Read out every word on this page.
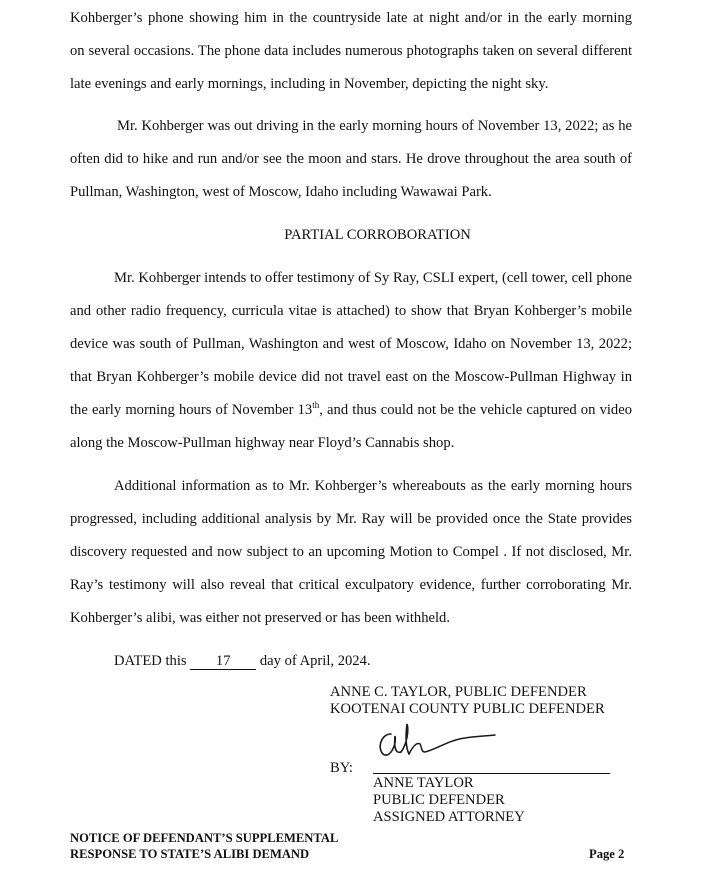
Kohberger’s phone showing him in the countryside late at night and/or in the early morning
on several occasions. The phone data includes numerous photographs taken on several different
late evenings and early mornings, including in November, depicting the night sky.
Mr. Kohberger was out driving in the early morning hours of November 13, 2022; as he
often did to hike and run and/or see the moon and stars. He drove throughout the area south of
Pullman, Washington, west of Moscow, Idaho including Wawawai Park.
PARTIAL CORROBORATION
Mr. Kohberger intends to offer testimony of Sy Ray, CSLI expert, (cell tower, cell phone
and other radio frequency, curricula vitae is attached) to show that Bryan Kohberger’s mobile
device was south of Pullman, Washington and west of Moscow, Idaho on November 13, 2022;
that Bryan Kohberger’s mobile device did not travel east on the Moscow-Pullman Highway in
the early morning hours of November 13th, and thus could not be the vehicle captured on video
along the Moscow-Pullman highway near Floyd’s Cannabis shop.
Additional information as to Mr. Kohberger’s whereabouts as the early morning hours
progressed, including additional analysis by Mr. Ray will be provided once the State provides
discovery requested and now subject to an upcoming Motion to Compel . If not disclosed, Mr.
Ray’s testimony will also reveal that critical exculpatory evidence, further corroborating Mr.
Kohberger’s alibi, was either not preserved or has been withheld.
DATED this 17 day of April, 2024.
ANNE C. TAYLOR, PUBLIC DEFENDER
KOOTENAI COUNTY PUBLIC DEFENDER
BY:
ANNE TAYLOR
PUBLIC DEFENDER
ASSIGNED ATTORNEY
NOTICE OF DEFENDANT’S SUPPLEMENTAL
RESPONSE TO STATE’S ALIBI DEMAND	Page 2
